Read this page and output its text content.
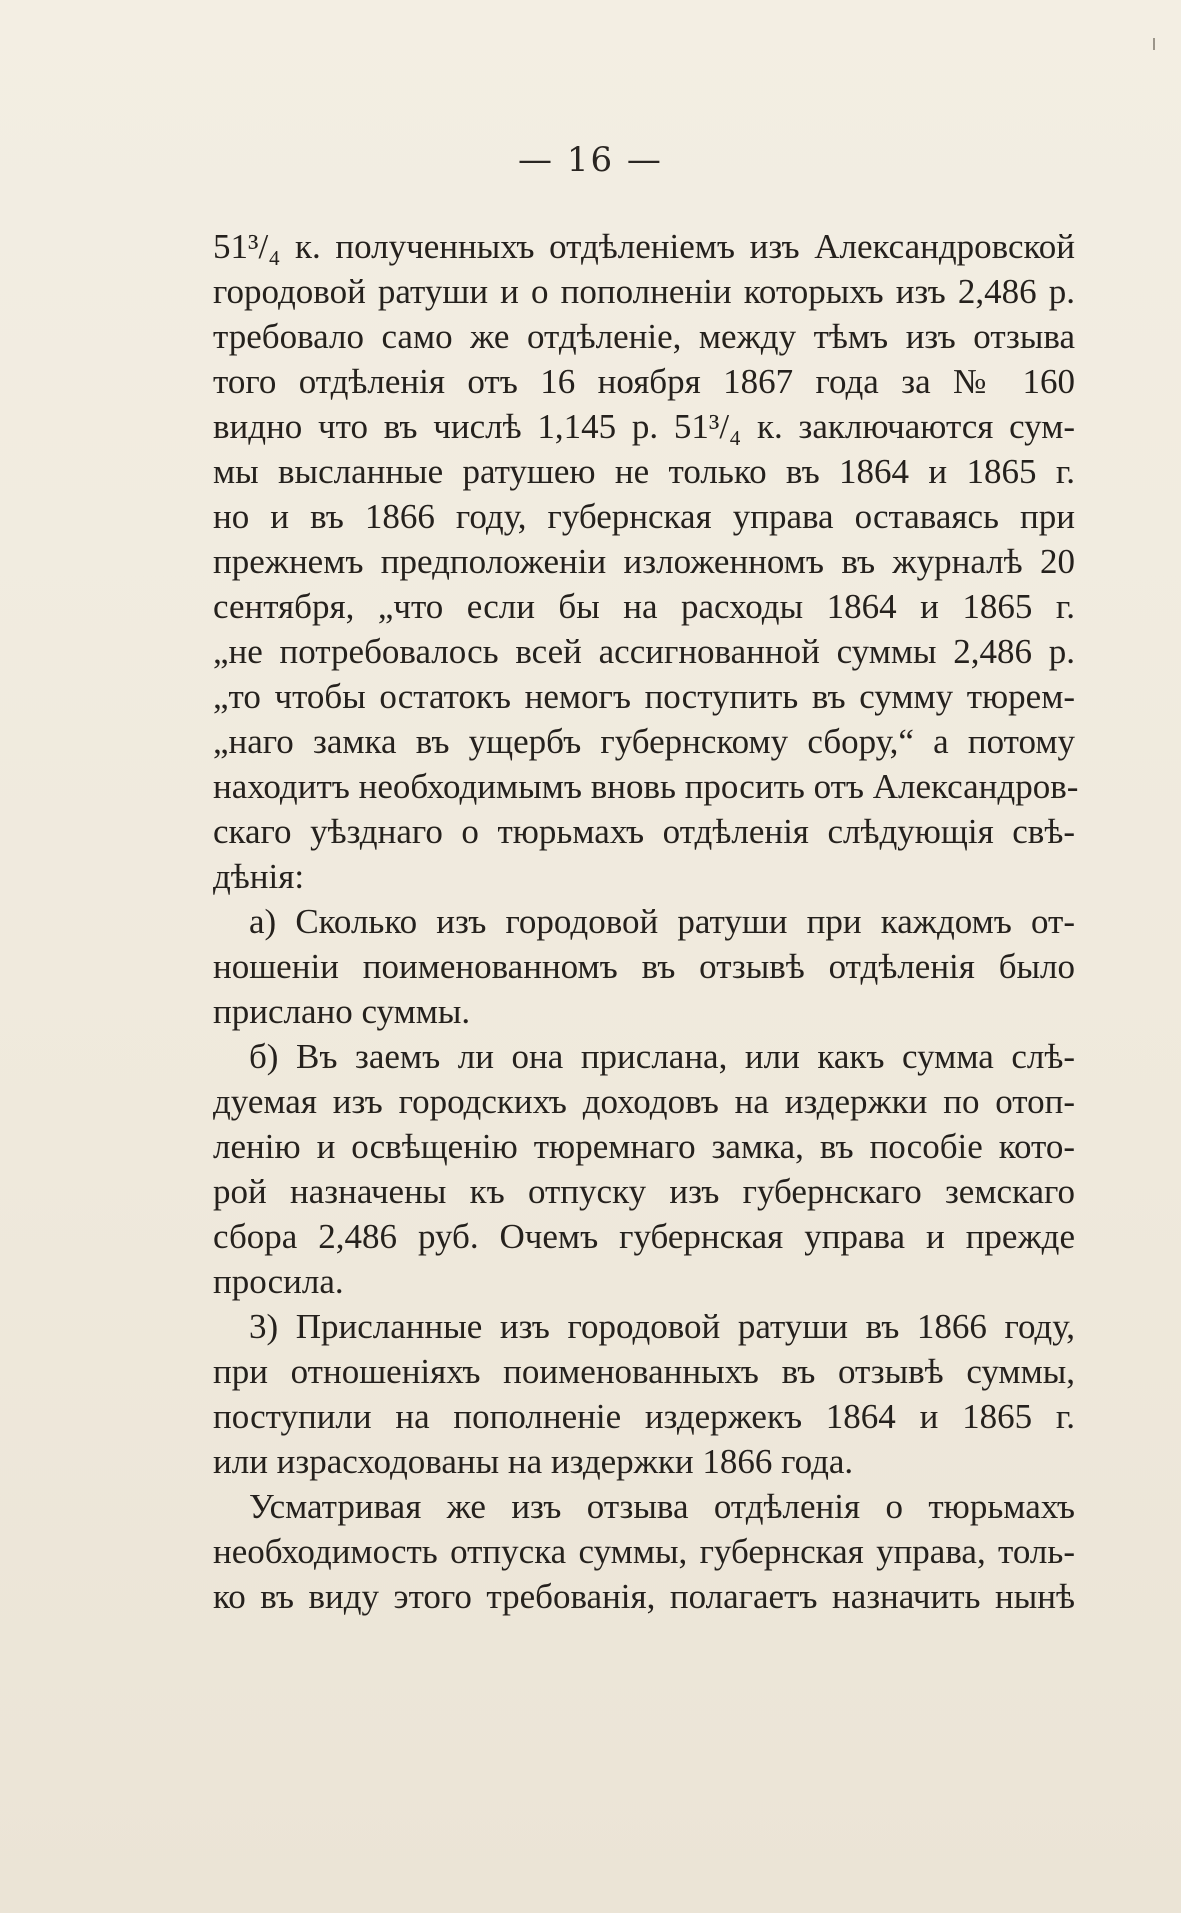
— 16 —
51³/₄ к. полученныхъ отдѣленіемъ изъ Александровской
городовой ратуши и о пополненіи которыхъ изъ 2,486 р.
требовало само же отдѣленіе, между тѣмъ изъ отзыва
того отдѣленія отъ 16 ноября 1867 года за № 160
видно что въ числѣ 1,145 р. 51³/₄ к. заключаются сум-
мы высланные ратушею не только въ 1864 и 1865 г.
но и въ 1866 году, губернская управа оставаясь при
прежнемъ предположеніи изложенномъ въ журналѣ 20
сентября, „что если бы на расходы 1864 и 1865 г.
„не потребовалось всей ассигнованной суммы 2,486 р.
„то чтобы остатокъ немогъ поступить въ сумму тюрем-
„наго замка въ ущербъ губернскому сбору,“ а потому
находитъ необходимымъ вновь просить отъ Александров-
скаго уѣзднаго о тюрьмахъ отдѣленія слѣдующія свѣ-
дѣнія:
а) Сколько изъ городовой ратуши при каждомъ от-
ношеніи поименованномъ въ отзывѣ отдѣленія было
прислано суммы.
б) Въ заемъ ли она прислана, или какъ сумма слѣ-
дуемая изъ городскихъ доходовъ на издержки по отоп-
ленію и освѣщенію тюремнаго замка, въ пособіе кото-
рой назначены къ отпуску изъ губернскаго земскаго
сбора 2,486 руб. Очемъ губернская управа и прежде
просила.
3) Присланные изъ городовой ратуши въ 1866 году,
при отношеніяхъ поименованныхъ въ отзывѣ суммы,
поступили на пополненіе издержекъ 1864 и 1865 г.
или израсходованы на издержки 1866 года.
Усматривая же изъ отзыва отдѣленія о тюрьмахъ
необходимость отпуска суммы, губернская управа, толь-
ко въ виду этого требованія, полагаетъ назначить нынѣ
